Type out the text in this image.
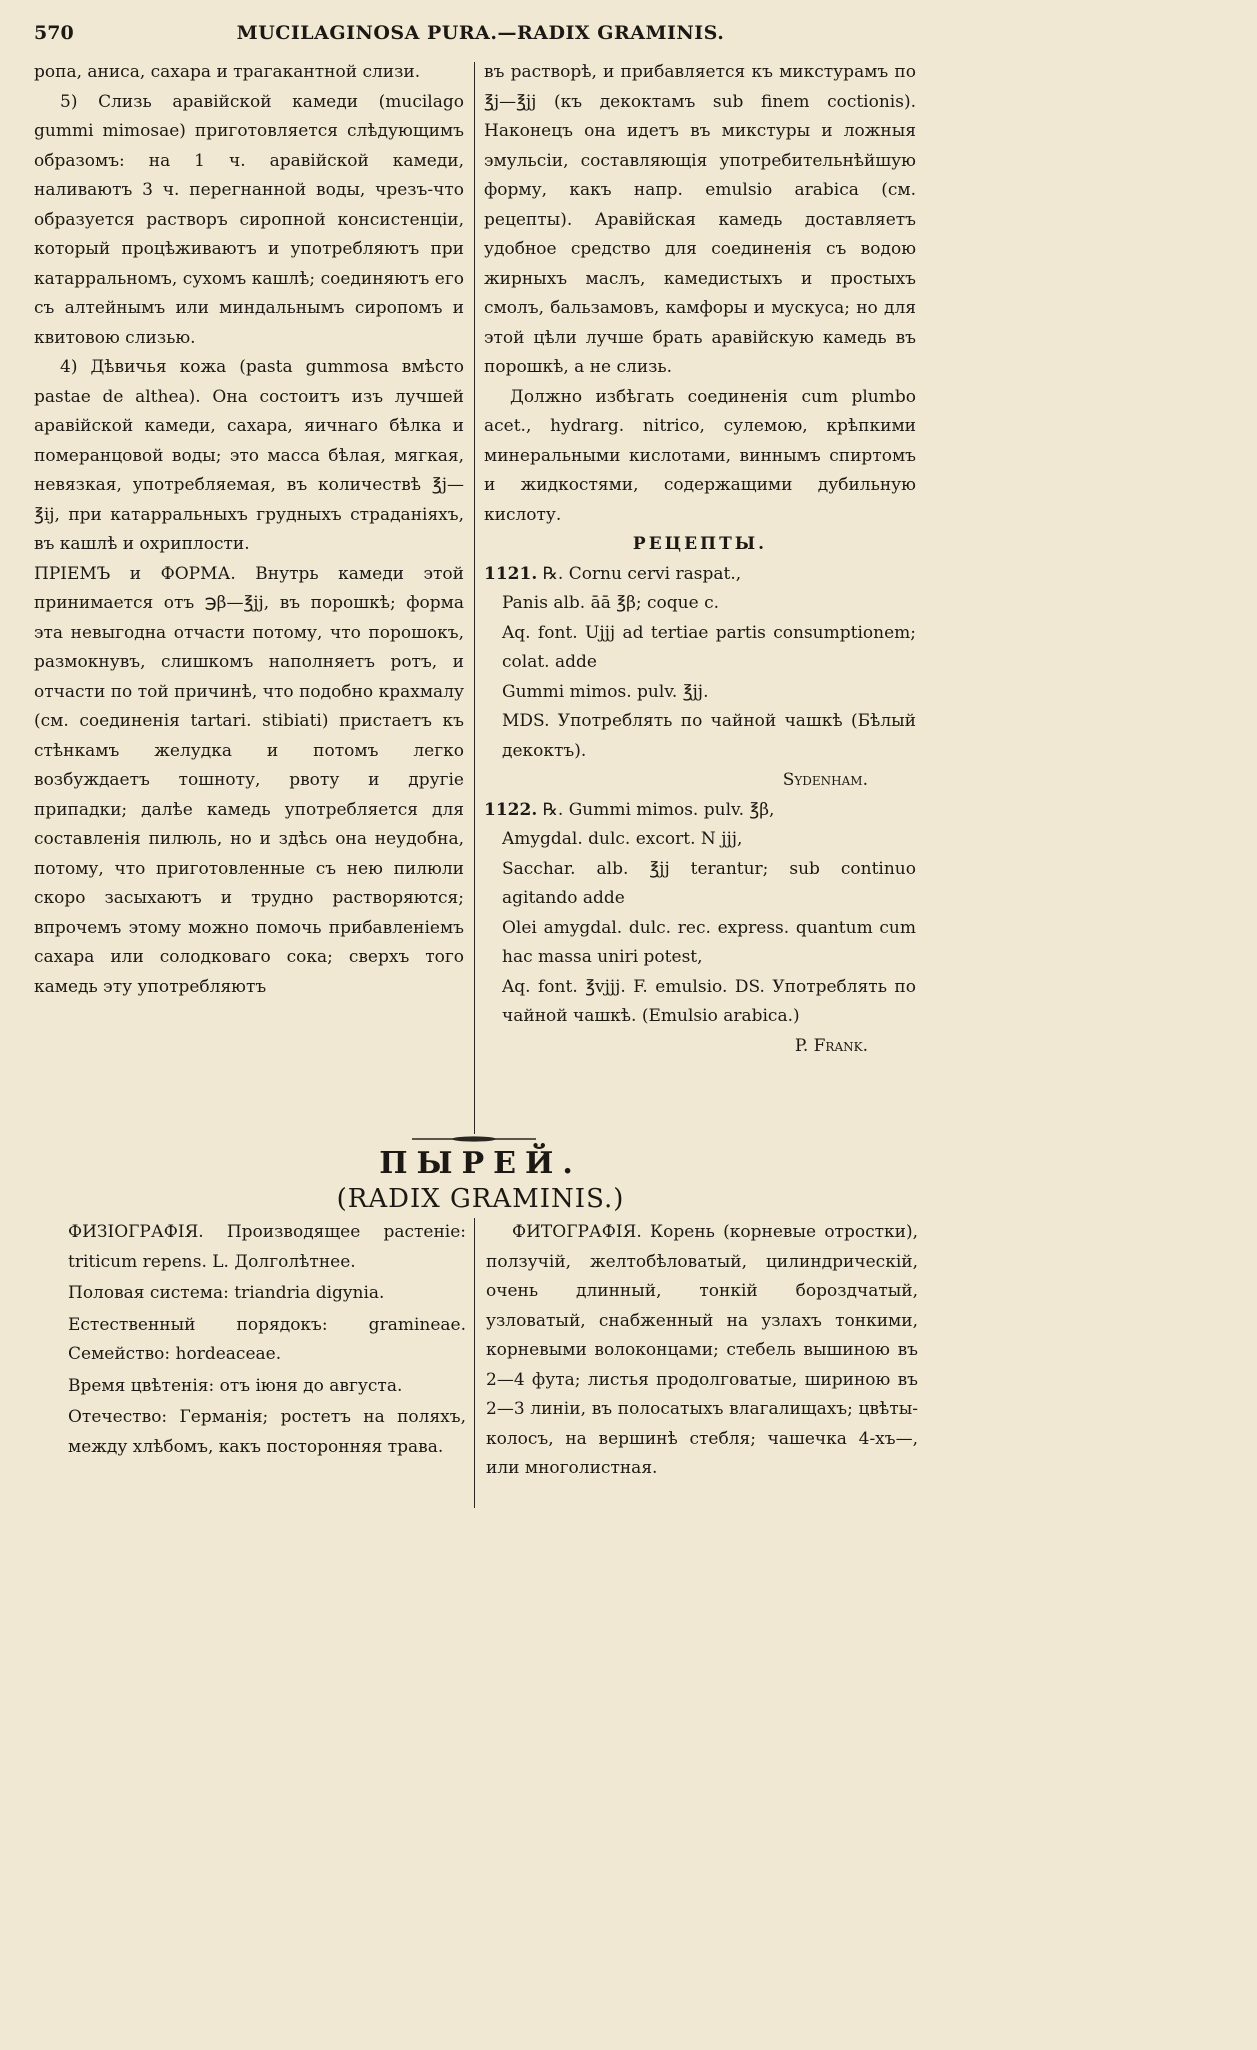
570	MUCILAGINOSA PURA.—RADIX GRAMINIS.

ропа, аниса, сахара и трагакантной слизи.

5) Слизь аравійской камеди (mucilago gummi mimosae) приготовляется слѣдующимъ образомъ: на 1 ч. аравійской камеди, наливаютъ 3 ч. перегнанной воды, чрезъ-что образуется растворъ сиропной консистенціи, который процѣживаютъ и употребляютъ при катарральномъ, сухомъ кашлѣ; соединяютъ его съ алтейнымъ или миндальнымъ сиропомъ и квитовою слизью.

4) Дѣвичья кожа (pasta gummosa вмѣсто pastae de althea). Она состоитъ изъ лучшей аравійской камеди, сахара, яичнаго бѣлка и померанцовой воды; это масса бѣлая, мягкая, невязкая, употребляемая, въ количествѣ ℥j—℥ij, при катарральныхъ грудныхъ страданіяхъ, въ кашлѣ и охриплости.

ПРІЕМЪ и ФОРМА. Внутрь камеди этой принимается отъ ℈β—℥jj, въ порошкѣ; форма эта невыгодна отчасти потому, что порошокъ, размокнувъ, слишкомъ наполняетъ ротъ, и отчасти по той причинѣ, что подобно крахмалу (см. соединенія tartari. stibiati) пристаетъ къ стѣнкамъ желудка и потомъ легко возбуждаетъ тошноту, рвоту и другіе припадки; далѣе камедь употребляется для составленія пилюль, но и здѣсь она неудобна, потому, что приготовленные съ нею пилюли скоро засыхаютъ и трудно растворяются; впрочемъ этому можно помочь прибавленіемъ сахара или солодковаго сока; сверхъ того камедь эту употребляютъ

въ растворѣ, и прибавляется къ микстурамъ по ℥j—℥jj (къ декоктамъ sub finem coctionis). Наконецъ она идетъ въ микстуры и ложныя эмульсіи, составляющія употребительнѣйшую форму, какъ напр. emulsio arabica (см. рецепты). Аравійская камедь доставляетъ удобное средство для соединенія съ водою жирныхъ маслъ, камедистыхъ и простыхъ смолъ, бальзамовъ, камфоры и мускуса; но для этой цѣли лучше брать аравійскую камедь въ порошкѣ, а не слизь.

Должно избѣгать соединенія cum plumbo acet., hydrarg. nitrico, сулемою, крѣпкими минеральными кислотами, виннымъ спиртомъ и жидкостями, содержащими дубильную кислоту.

РЕЦЕПТЫ.

1121. ℞. Cornu cervi raspat.,

Panis alb. āā ℥β; coque c.

Aq. font. Ujjj ad tertiae partis consumptionem; colat. adde

Gummi mimos. pulv. ℥jj.

MDS. Употреблять по чайной чашкѣ (Бѣлый декоктъ).

Sydenham.

1122. ℞. Gummi mimos. pulv. ℥β,

Amygdal. dulc. excort. N jjj,

Sacchar. alb. ℥jj terantur; sub continuo agitando adde

Olei amygdal. dulc. rec. express. quantum cum hac massa uniri potest,

Aq. font. ℥vjjj. F. emulsio. DS. Употреблять по чайной чашкѣ. (Emulsio arabica.)

P. Frank.

ПЫРЕЙ.
(RADIX GRAMINIS.)

ФИЗІОГРАФІЯ. Производящее растеніе: triticum repens. L. Долголѣтнее.

Половая система: triandria digynia.

Естественный порядокъ: gramineae. Семейство: hordeaceae.

Время цвѣтенія: отъ іюня до августа.

Отечество: Германія; ростетъ на поляхъ, между хлѣбомъ, какъ посторонняя трава.

ФИТОГРАФІЯ. Корень (корневые отростки), ползучій, желтобѣловатый, цилиндрическій, очень длинный, тонкій бороздчатый, узловатый, снабженный на узлахъ тонкими, корневыми волоконцами; стебель вышиною въ 2—4 фута; листья продолговатые, шириною въ 2—3 линіи, въ полосатыхъ влагалищахъ; цвѣты-колосъ, на вершинѣ стебля; чашечка 4-хъ—, или многолистная.
